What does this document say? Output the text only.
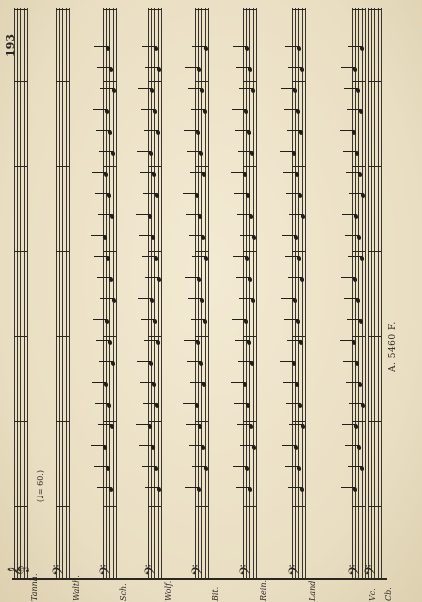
193
A. 5460 F.
(♩= 60.)
Tannh.
𝄞
Walth.
𝄢
Sch.
𝄢
Wolf.
𝄢
Bit.
𝄢
Rein.
𝄢
Land.
𝄢
Vc.
𝄢
Cb.
𝄢
